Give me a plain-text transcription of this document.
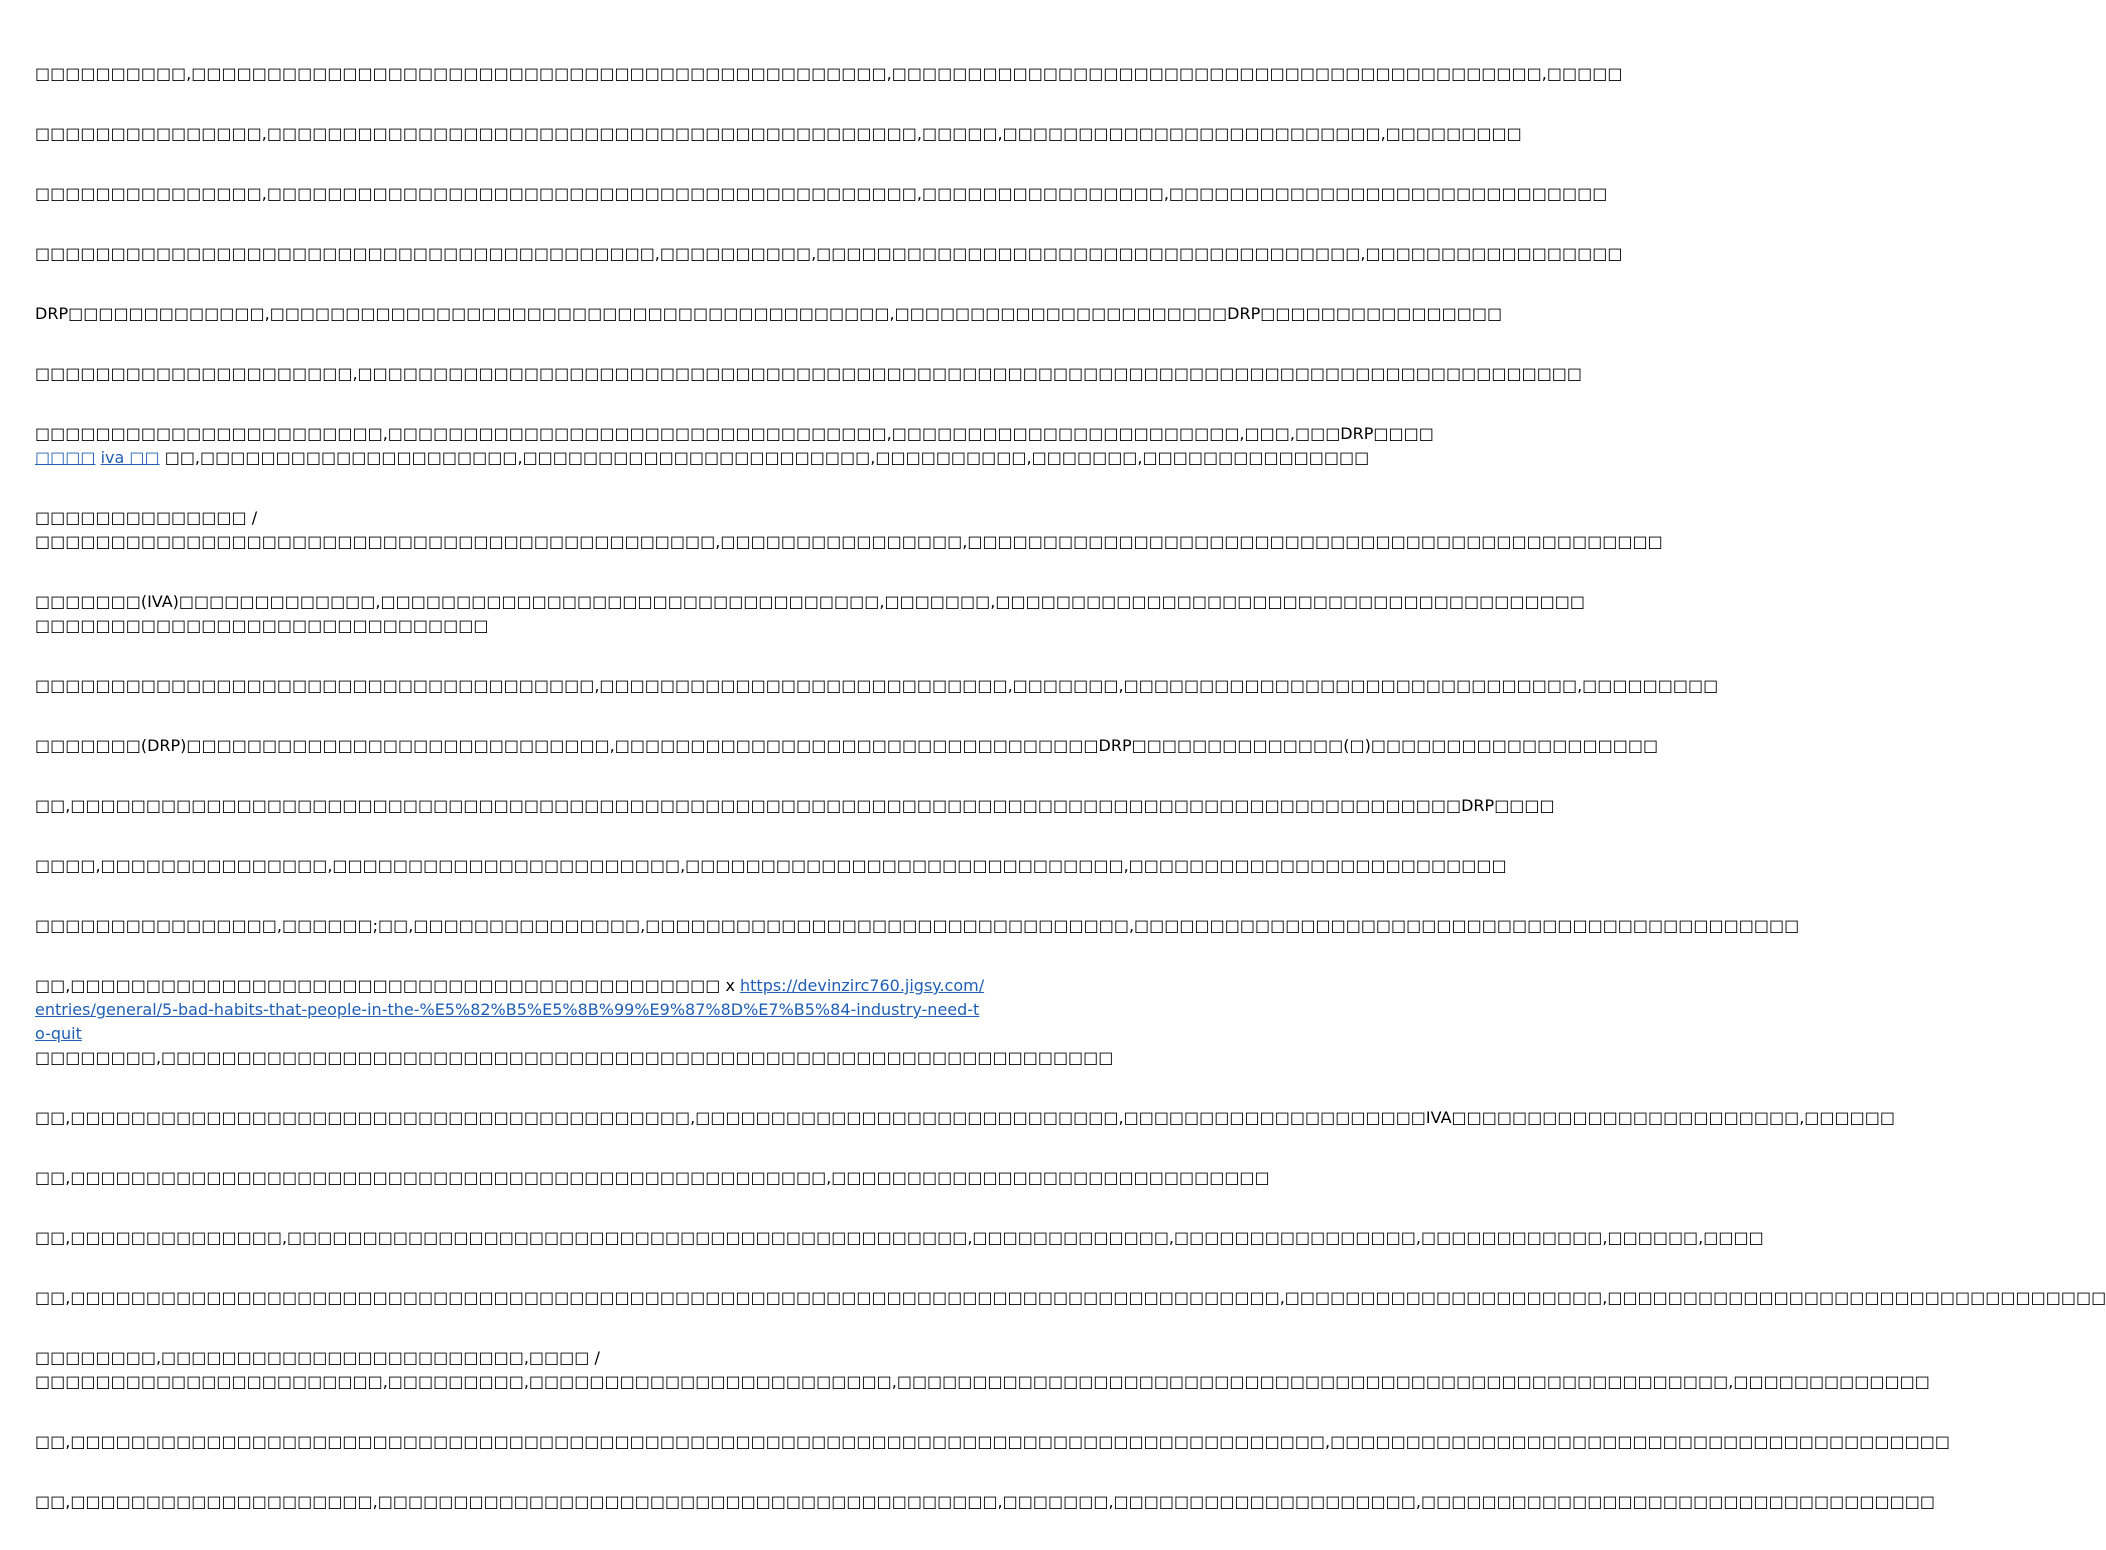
□□□□□□□□□□,□□□□□□□□□□□□□□□□□□□□□□□□□□□□□□□□□□□□□□□□□□□□□□,□□□□□□□□□□□□□□□□□□□□□□□□□□□□□□□□□□□□□□□□□□□,□□□□□

□□□□□□□□□□□□□□□,□□□□□□□□□□□□□□□□□□□□□□□□□□□□□□□□□□□□□□□□□□□,□□□□□,□□□□□□□□□□□□□□□□□□□□□□□□□,□□□□□□□□□

□□□□□□□□□□□□□□□,□□□□□□□□□□□□□□□□□□□□□□□□□□□□□□□□□□□□□□□□□□□,□□□□□□□□□□□□□□□□,□□□□□□□□□□□□□□□□□□□□□□□□□□□□□

□□□□□□□□□□□□□□□□□□□□□□□□□□□□□□□□□□□□□□□□□,□□□□□□□□□□,□□□□□□□□□□□□□□□□□□□□□□□□□□□□□□□□□□□□,□□□□□□□□□□□□□□□□□

DRP□□□□□□□□□□□□□,□□□□□□□□□□□□□□□□□□□□□□□□□□□□□□□□□□□□□□□□□,□□□□□□□□□□□□□□□□□□□□□□DRP□□□□□□□□□□□□□□□□

□□□□□□□□□□□□□□□□□□□□□,□□□□□□□□□□□□□□□□□□□□□□□□□□□□□□□□□□□□□□□□□□□□□□□□□□□□□□□□□□□□□□□□□□□□□□□□□□□□□□□□□

□□□□□□□□□□□□□□□□□□□□□□□,□□□□□□□□□□□□□□□□□□□□□□□□□□□□□□□□□,□□□□□□□□□□□□□□□□□□□□□□□,□□□,□□□DRP□□□□
□□□□ iva □□ □□,□□□□□□□□□□□□□□□□□□□□□,□□□□□□□□□□□□□□□□□□□□□□□,□□□□□□□□□□,□□□□□□□,□□□□□□□□□□□□□□□

□□□□□□□□□□□□□□ /
□□□□□□□□□□□□□□□□□□□□□□□□□□□□□□□□□□□□□□□□□□□□□,□□□□□□□□□□□□□□□□,□□□□□□□□□□□□□□□□□□□□□□□□□□□□□□□□□□□□□□□□□□□□□□

□□□□□□□(IVA)□□□□□□□□□□□□□,□□□□□□□□□□□□□□□□□□□□□□□□□□□□□□□□□,□□□□□□□,□□□□□□□□□□□□□□□□□□□□□□□□□□□□□□□□□□□□□□□
□□□□□□□□□□□□□□□□□□□□□□□□□□□□□□

□□□□□□□□□□□□□□□□□□□□□□□□□□□□□□□□□□□□□,□□□□□□□□□□□□□□□□□□□□□□□□□□□,□□□□□□□,□□□□□□□□□□□□□□□□□□□□□□□□□□□□□□,□□□□□□□□□

□□□□□□□(DRP)□□□□□□□□□□□□□□□□□□□□□□□□□□□□,□□□□□□□□□□□□□□□□□□□□□□□□□□□□□□□□DRP□□□□□□□□□□□□□□(□)□□□□□□□□□□□□□□□□□□□

□□,□□□□□□□□□□□□□□□□□□□□□□□□□□□□□□□□□□□□□□□□□□□□□□□□□□□□□□□□□□□□□□□□□□□□□□□□□□□□□□□□□□□□□□□□□□□□DRP□□□□

□□□□,□□□□□□□□□□□□□□□,□□□□□□□□□□□□□□□□□□□□□□□,□□□□□□□□□□□□□□□□□□□□□□□□□□□□□,□□□□□□□□□□□□□□□□□□□□□□□□□

□□□□□□□□□□□□□□□□,□□□□□□;□□,□□□□□□□□□□□□□□□,□□□□□□□□□□□□□□□□□□□□□□□□□□□□□□□□,□□□□□□□□□□□□□□□□□□□□□□□□□□□□□□□□□□□□□□□□□□□□

□□,□□□□□□□□□□□□□□□□□□□□□□□□□□□□□□□□□□□□□□□□□□□ x https://devinzirc760.jigsy.com/entries/general/5-bad-habits-that-people-in-the-%E5%82%B5%E5%8B%99%E9%87%8D%E7%B5%84-industry-need-to-quit
□□□□□□□□,□□□□□□□□□□□□□□□□□□□□□□□□□□□□□□□□□□□□□□□□□□□□□□□□□□□□□□□□□□□□□□□

□□,□□□□□□□□□□□□□□□□□□□□□□□□□□□□□□□□□□□□□□□□□,□□□□□□□□□□□□□□□□□□□□□□□□□□□□,□□□□□□□□□□□□□□□□□□□□IVA□□□□□□□□□□□□□□□□□□□□□□□,□□□□□□

□□,□□□□□□□□□□□□□□□□□□□□□□□□□□□□□□□□□□□□□□□□□□□□□□□□□□,□□□□□□□□□□□□□□□□□□□□□□□□□□□□□

□□,□□□□□□□□□□□□□□,□□□□□□□□□□□□□□□□□□□□□□□□□□□□□□□□□□□□□□□□□□□□□,□□□□□□□□□□□□□,□□□□□□□□□□□□□□□□,□□□□□□□□□□□□,□□□□□□,□□□□

□□,□□□□□□□□□□□□□□□□□□□□□□□□□□□□□□□□□□□□□□□□□□□□□□□□□□□□□□□□□□□□□□□□□□□□□□□□□□□□□□□□,□□□□□□□□□□□□□□□□□□□□□,□□□□□□□□□□□□□□□□□□□□□□□□□□□□□□□□□

□□□□□□□□,□□□□□□□□□□□□□□□□□□□□□□□□,□□□□ /
□□□□□□□□□□□□□□□□□□□□□□□,□□□□□□□□□,□□□□□□□□□□□□□□□□□□□□□□□□,□□□□□□□□□□□□□□□□□□□□□□□□□□□□□□□□□□□□□□□□□□□□□□□□□□□□□□□,□□□□□□□□□□□□□

□□,□□□□□□□□□□□□□□□□□□□□□□□□□□□□□□□□□□□□□□□□□□□□□□□□□□□□□□□□□□□□□□□□□□□□□□□□□□□□□□□□□□□,□□□□□□□□□□□□□□□□□□□□□□□□□□□□□□□□□□□□□□□□□

□□,□□□□□□□□□□□□□□□□□□□□,□□□□□□□□□□□□□□□□□□□□□□□□□□□□□□□□□□□□□□□□□,□□□□□□□,□□□□□□□□□□□□□□□□□□□□,□□□□□□□□□□□□□□□□□□□□□□□□□□□□□□□□□□
